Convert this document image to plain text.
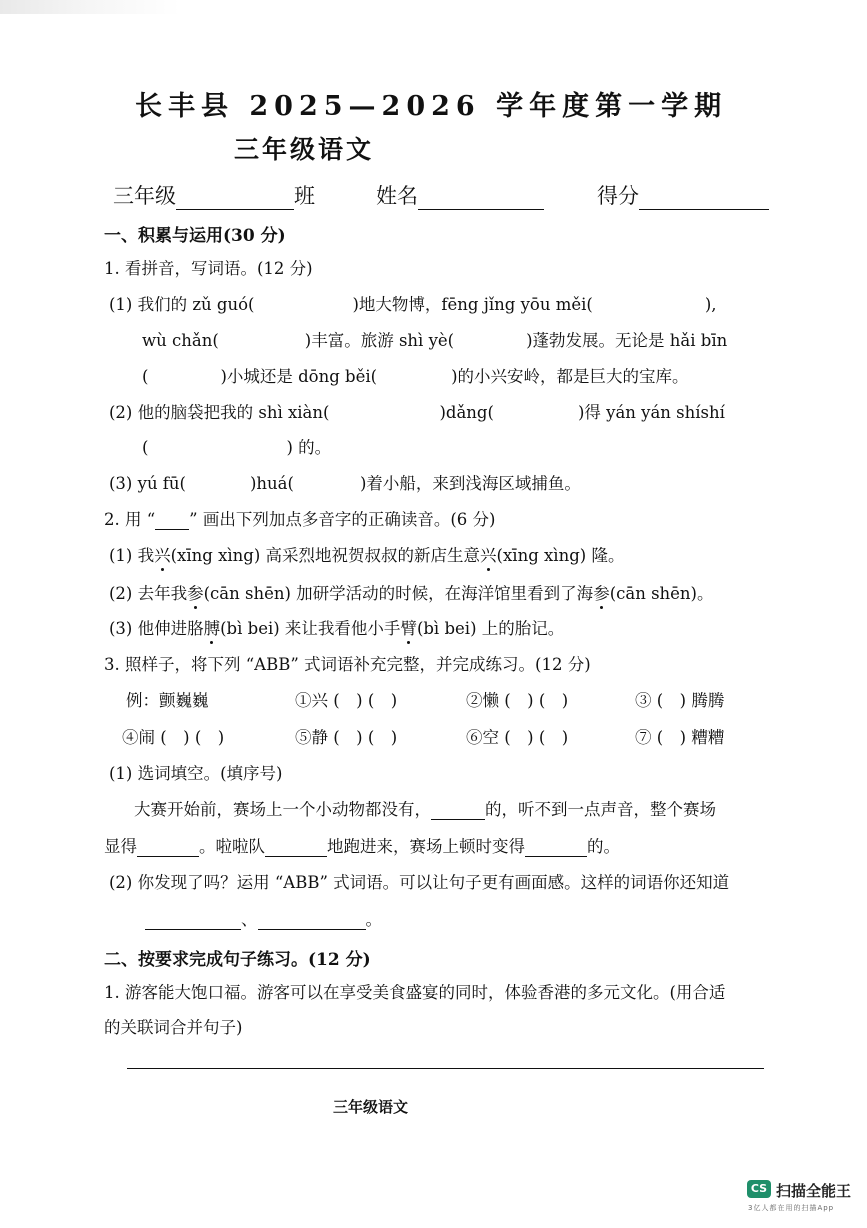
长丰县 2025—2026 学年度第一学期
三年级语文
三年级	班	姓名	得分
一、积累与运用(30 分)
1. 看拼音，写词语。(12 分)
(1) 我们的 zǔ guó(	)地大物博，fēng jǐng yōu měi(	),
wù chǎn(	)丰富。旅游 shì yè(	)蓬勃发展。无论是 hǎi bīn
(	)小城还是 dōng běi(	)的小兴安岭，都是巨大的宝库。
(2) 他的脑袋把我的 shì xiàn(	)dǎng(	)得 yán yán shíshí
(	) 的。
(3) yú fū(	)huá(	)着小船，来到浅海区域捕鱼。
2. 用 “ ” 画出下列加点多音字的正确读音。(6 分)
(1) 我兴(xīng xìng) 高采烈地祝贺叔叔的新店生意兴(xīng xìng) 隆。
(2) 去年我参(cān shēn) 加研学活动的时候，在海洋馆里看到了海参(cān shēn)。
(3) 他伸进胳膊(bì bei) 来让我看他小手臂(bì bei) 上的胎记。
3. 照样子，将下列 “ABB” 式词语补充完整，并完成练习。(12 分)
例：颤巍巍	①兴 (　) (　)	②懒 (　) (　)	③ (　) 腾腾
④闹 (　) (　)	⑤静 (　) (　)	⑥空 (　) (　)	⑦ (　) 糟糟
(1) 选词填空。(填序号)
大赛开始前，赛场上一个小动物都没有，	的，听不到一点声音，整个赛场
显得	。啦啦队	地跑进来，赛场上顿时变得	的。
(2) 你发现了吗？运用 “ABB” 式词语。可以让句子更有画面感。这样的词语你还知道
、	。
二、按要求完成句子练习。(12 分)
1. 游客能大饱口福。游客可以在享受美食盛宴的同时，体验香港的多元文化。(用合适
的关联词合并句子)
三年级语文
CS 扫描全能王
3亿人都在用的扫描App
